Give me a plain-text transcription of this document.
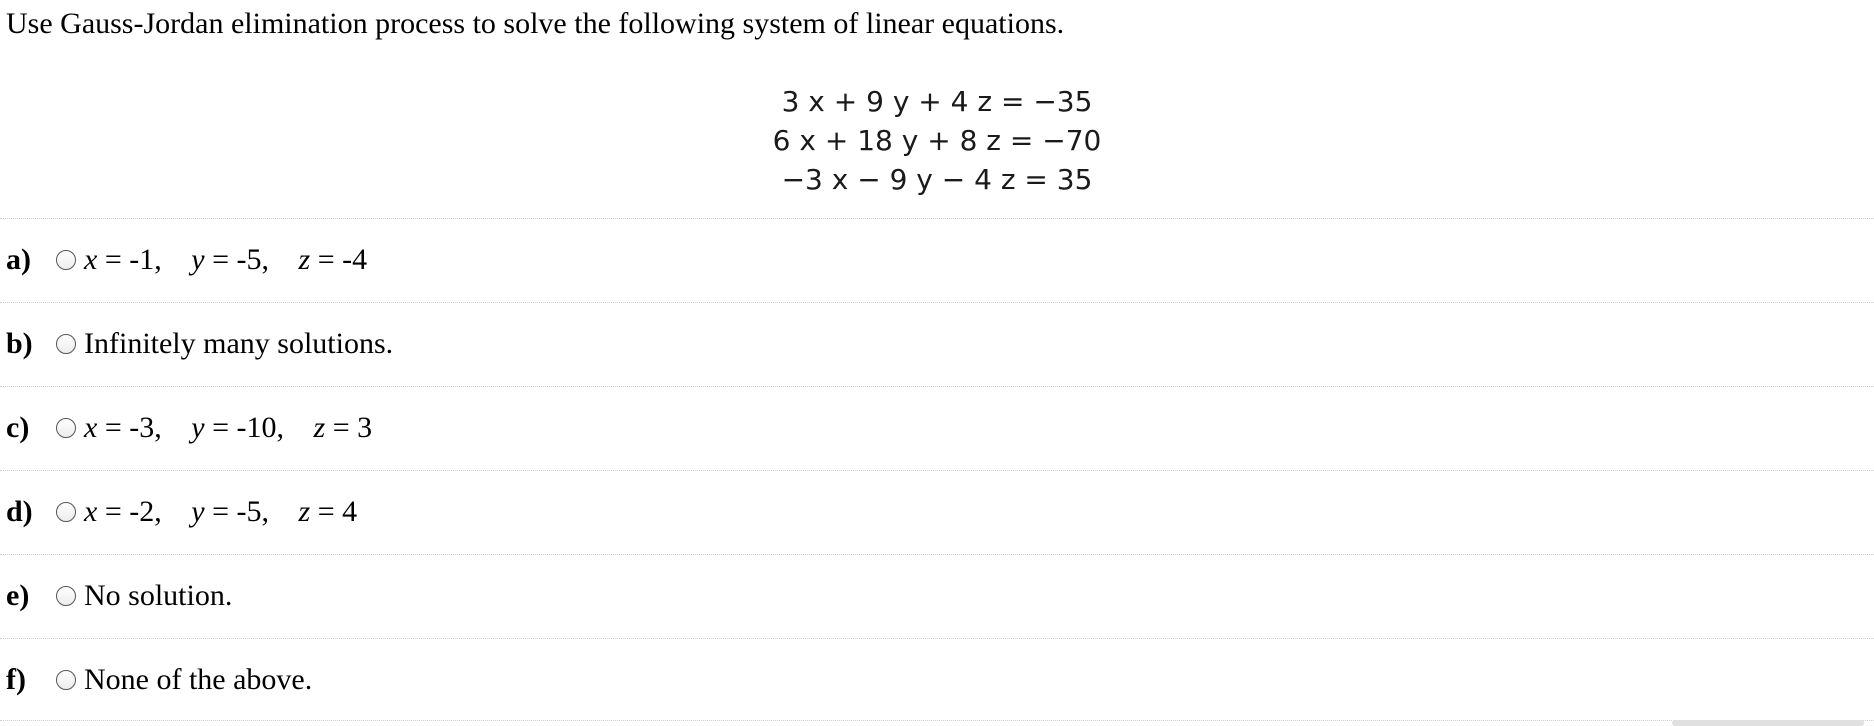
Use Gauss-Jordan elimination process to solve the following system of linear equations.
3 x + 9 y + 4 z = −35
6 x + 18 y + 8 z = −70
−3 x − 9 y − 4 z = 35
a)	x = -1, y = -5, z = -4
b)	Infinitely many solutions.
c)	x = -3, y = -10, z = 3
d)	x = -2, y = -5, z = 4
e)	No solution.
f)	None of the above.
